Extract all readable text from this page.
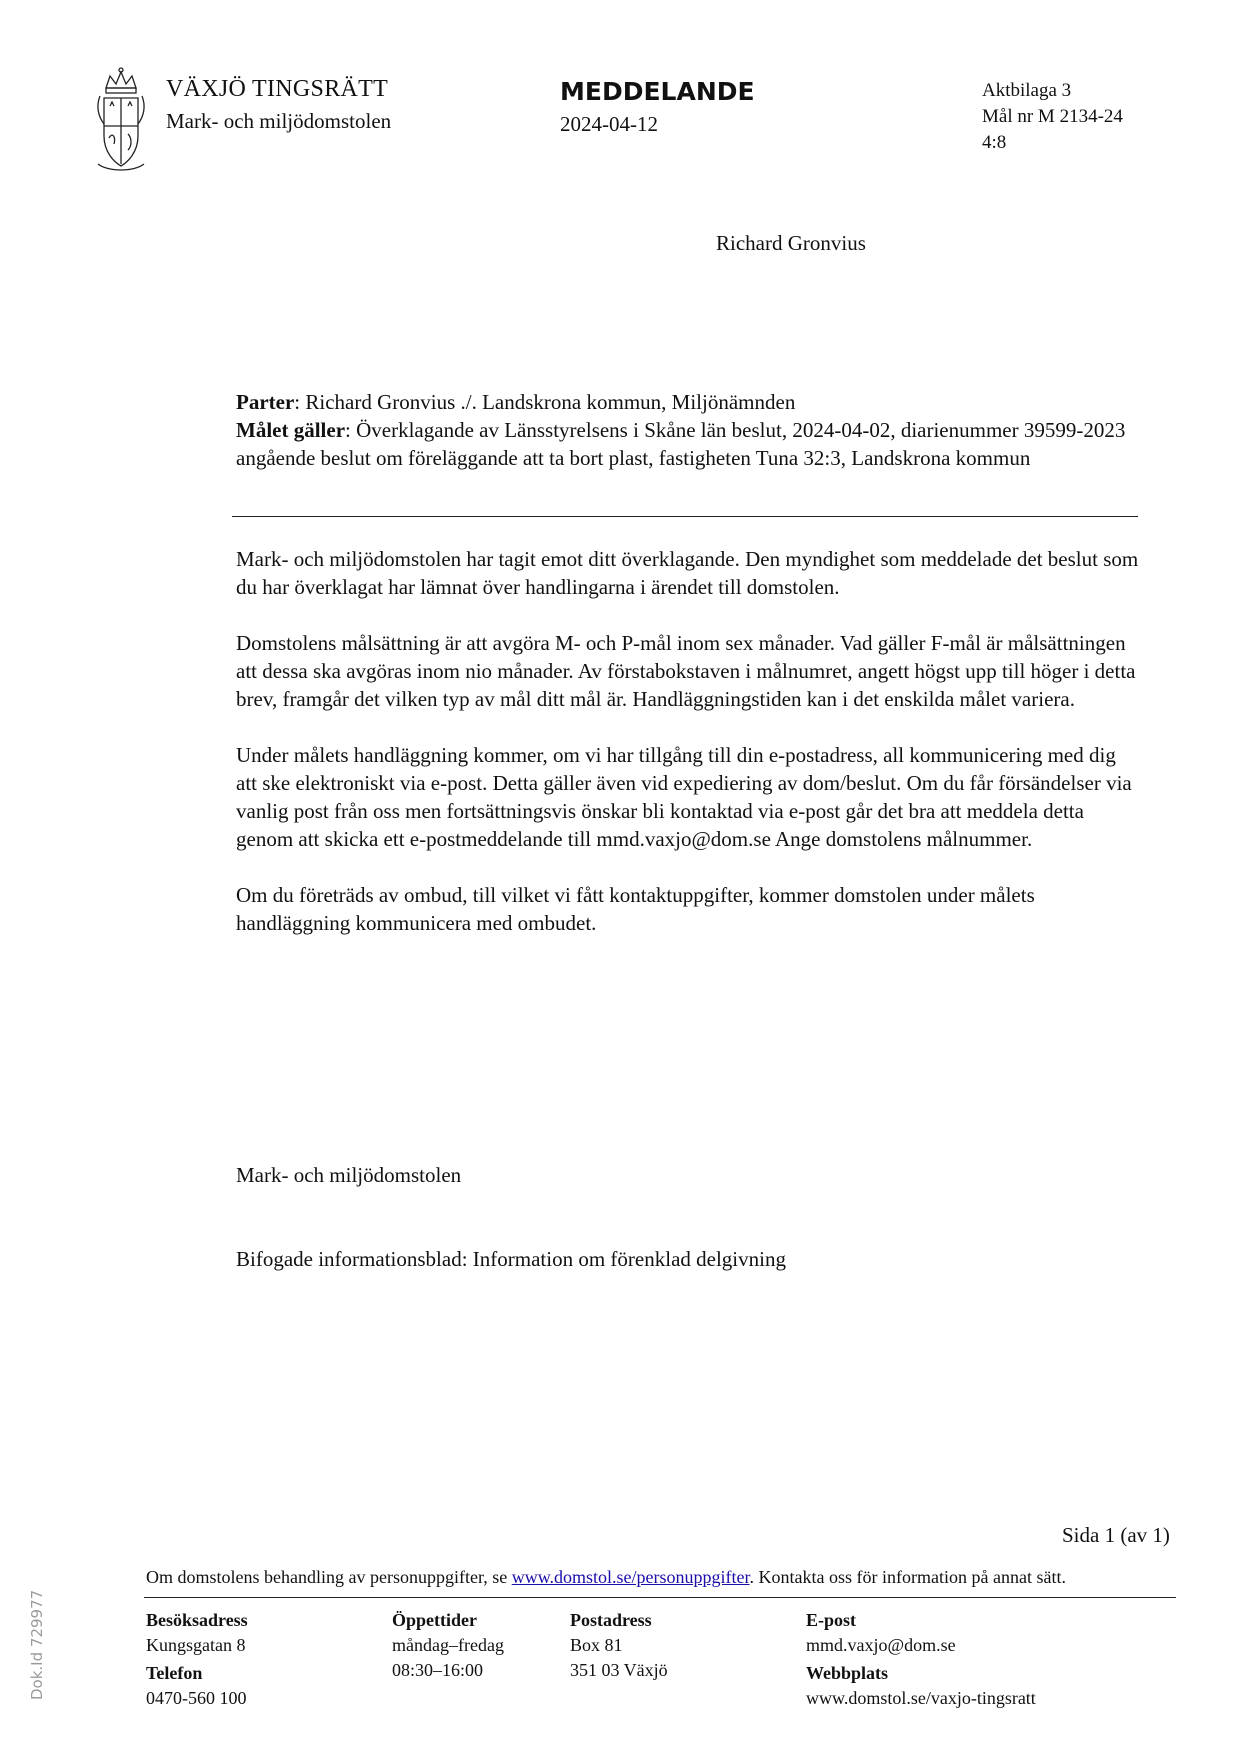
VÄXJÖ TINGSRÄTT
Mark- och miljödomstolen
MEDDELANDE
2024-04-12
Aktbilaga 3
Mål nr M 2134-24
4:8
Richard Gronvius
Parter: Richard Gronvius ./. Landskrona kommun, Miljönämnden
Målet gäller: Överklagande av Länsstyrelsens i Skåne län beslut, 2024-04-02, diarienummer 39599-2023 angående beslut om föreläggande att ta bort plast, fastigheten Tuna 32:3, Landskrona kommun

Mark- och miljödomstolen har tagit emot ditt överklagande. Den myndighet som meddelade det beslut som du har överklagat har lämnat över handlingarna i ärendet till domstolen.

Domstolens målsättning är att avgöra M- och P-mål inom sex månader. Vad gäller F-mål är målsättningen att dessa ska avgöras inom nio månader. Av förstabokstaven i målnumret, angett högst upp till höger i detta brev, framgår det vilken typ av mål ditt mål är. Handläggningstiden kan i det enskilda målet variera.

Under målets handläggning kommer, om vi har tillgång till din e-postadress, all kommunicering med dig att ske elektroniskt via e-post. Detta gäller även vid expediering av dom/beslut. Om du får försändelser via vanlig post från oss men fortsättningsvis önskar bli kontaktad via e-post går det bra att meddela detta genom att skicka ett e-postmeddelande till mmd.vaxjo@dom.se Ange domstolens målnummer.

Om du företräds av ombud, till vilket vi fått kontaktuppgifter, kommer domstolen under målets handläggning kommunicera med ombudet.

Mark- och miljödomstolen
Bifogade informationsblad: Information om förenklad delgivning
Sida 1 (av 1)
Om domstolens behandling av personuppgifter, se www.domstol.se/personuppgifter. Kontakta oss för information på annat sätt.
Besöksadress
Kungsgatan 8
Telefon
0470-560 100
Öppettider
måndag–fredag
08:30–16:00
Postadress
Box 81
351 03 Växjö
E-post
mmd.vaxjo@dom.se
Webbplats
www.domstol.se/vaxjo-tingsratt
Dok.Id 729977
